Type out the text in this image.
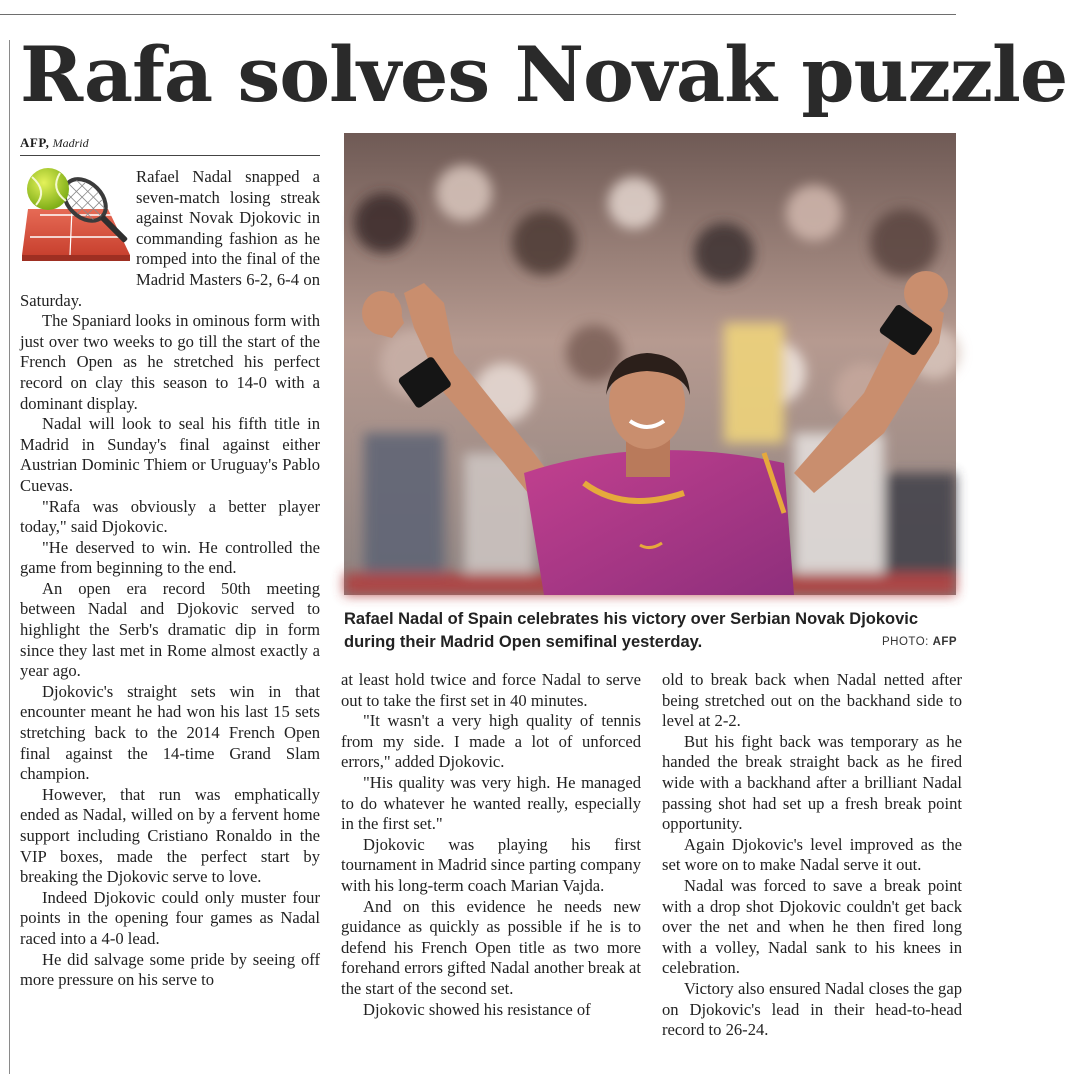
Rafa solves Novak puzzle
AFP, Madrid

Rafael Nadal snapped a seven-match losing streak against Novak Djokovic in commanding fashion as he romped into the final of the Madrid Masters 6-2, 6-4 on Saturday.

The Spaniard looks in ominous form with just over two weeks to go till the start of the French Open as he stretched his perfect record on clay this season to 14-0 with a dominant display.

Nadal will look to seal his fifth title in Madrid in Sunday's final against either Austrian Dominic Thiem or Uruguay's Pablo Cuevas.

"Rafa was obviously a better player today," said Djokovic.

"He deserved to win. He controlled the game from beginning to the end.

An open era record 50th meeting between Nadal and Djokovic served to highlight the Serb's dramatic dip in form since they last met in Rome almost exactly a year ago.

Djokovic's straight sets win in that encounter meant he had won his last 15 sets stretching back to the 2014 French Open final against the 14-time Grand Slam champion.

However, that run was emphatically ended as Nadal, willed on by a fervent home support including Cristiano Ronaldo in the VIP boxes, made the perfect start by breaking the Djokovic serve to love.

Indeed Djokovic could only muster four points in the opening four games as Nadal raced into a 4-0 lead.

He did salvage some pride by seeing off more pressure on his serve to

Rafael Nadal of Spain celebrates his victory over Serbian Novak Djokovic during their Madrid Open semifinal yesterday.	PHOTO: AFP

at least hold twice and force Nadal to serve out to take the first set in 40 minutes.

"It wasn't a very high quality of tennis from my side. I made a lot of unforced errors," added Djokovic.

"His quality was very high. He managed to do whatever he wanted really, especially in the first set."

Djokovic was playing his first tournament in Madrid since parting company with his long-term coach Marian Vajda.

And on this evidence he needs new guidance as quickly as possible if he is to defend his French Open title as two more forehand errors gifted Nadal another break at the start of the second set.

Djokovic showed his resistance of

old to break back when Nadal netted after being stretched out on the backhand side to level at 2-2.

But his fight back was temporary as he handed the break straight back as he fired wide with a backhand after a brilliant Nadal passing shot had set up a fresh break point opportunity.

Again Djokovic's level improved as the set wore on to make Nadal serve it out.

Nadal was forced to save a break point with a drop shot Djokovic couldn't get back over the net and when he then fired long with a volley, Nadal sank to his knees in celebration.

Victory also ensured Nadal closes the gap on Djokovic's lead in their head-to-head record to 26-24.
